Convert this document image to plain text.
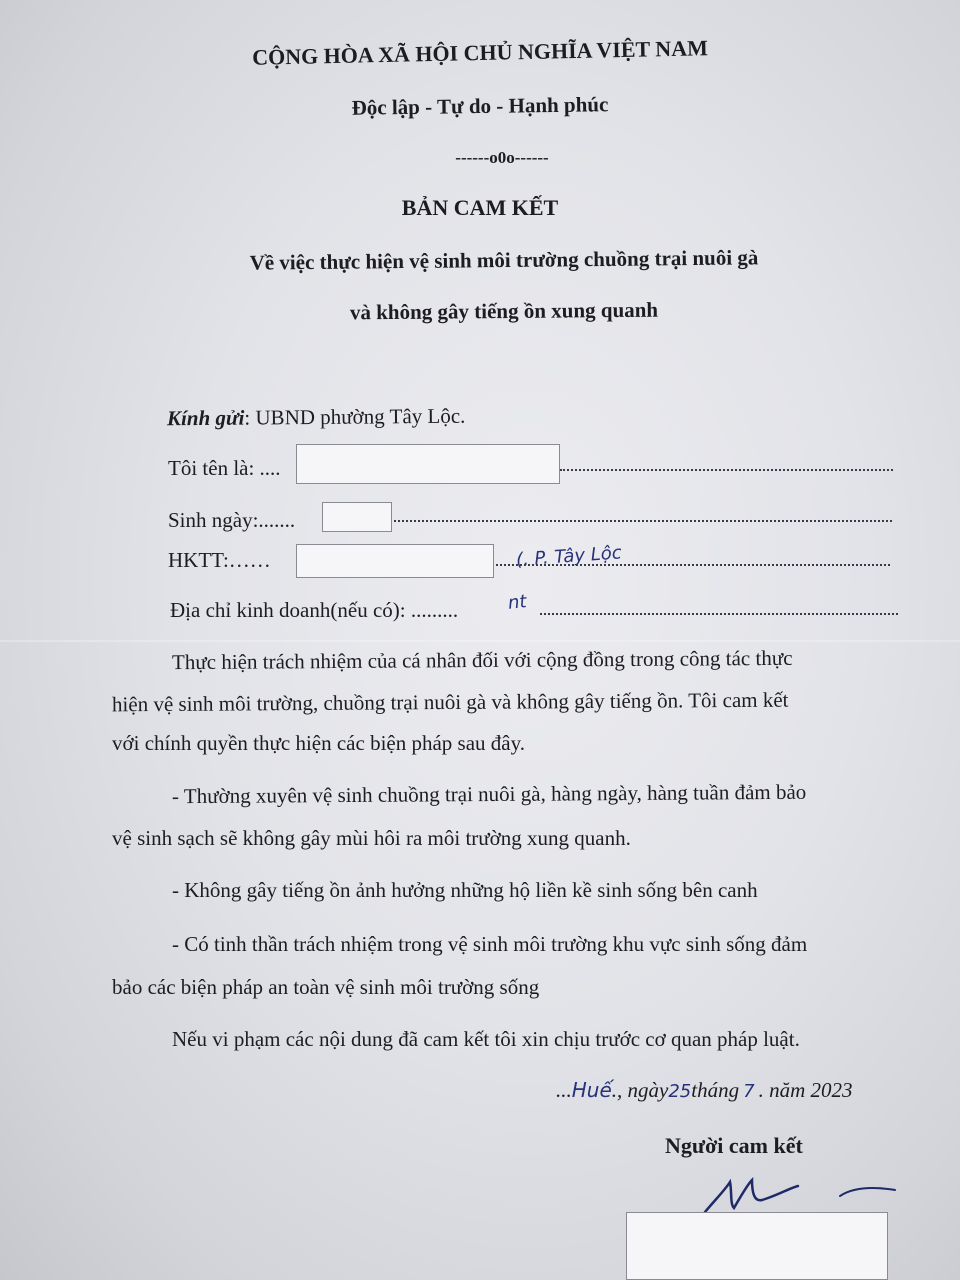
CỘNG HÒA XÃ HỘI CHỦ NGHĨA VIỆT NAM
Độc lập - Tự do - Hạnh phúc
------o0o------
BẢN CAM KẾT
Về việc thực hiện vệ sinh môi trường chuồng trại nuôi gà
và không gây tiếng ồn xung quanh
Kính gửi: UBND phường Tây Lộc.
Tôi tên là: ....
Sinh ngày:.......
HKTT:……	(. P. Tây Lộc
Địa chỉ kinh doanh(nếu có): .........	nt
Thực hiện trách nhiệm của cá nhân đối với cộng đồng trong công tác thực
hiện vệ sinh môi trường, chuồng trại nuôi gà và không gây tiếng ồn. Tôi cam kết
với chính quyền thực hiện các biện pháp sau đây.
- Thường xuyên vệ sinh chuồng trại nuôi gà, hàng ngày, hàng tuần đảm bảo
vệ sinh sạch sẽ không gây mùi hôi ra môi trường xung quanh.
- Không gây tiếng ồn ảnh hưởng những hộ liền kề sinh sống bên canh
- Có tinh thần trách nhiệm trong vệ sinh môi trường khu vực sinh sống đảm
bảo các biện pháp an toàn vệ sinh môi trường sống
Nếu vi phạm các nội dung đã cam kết tôi xin chịu trước cơ quan pháp luật.
...Huế., ngày25tháng 7 . năm 2023
Người cam kết
